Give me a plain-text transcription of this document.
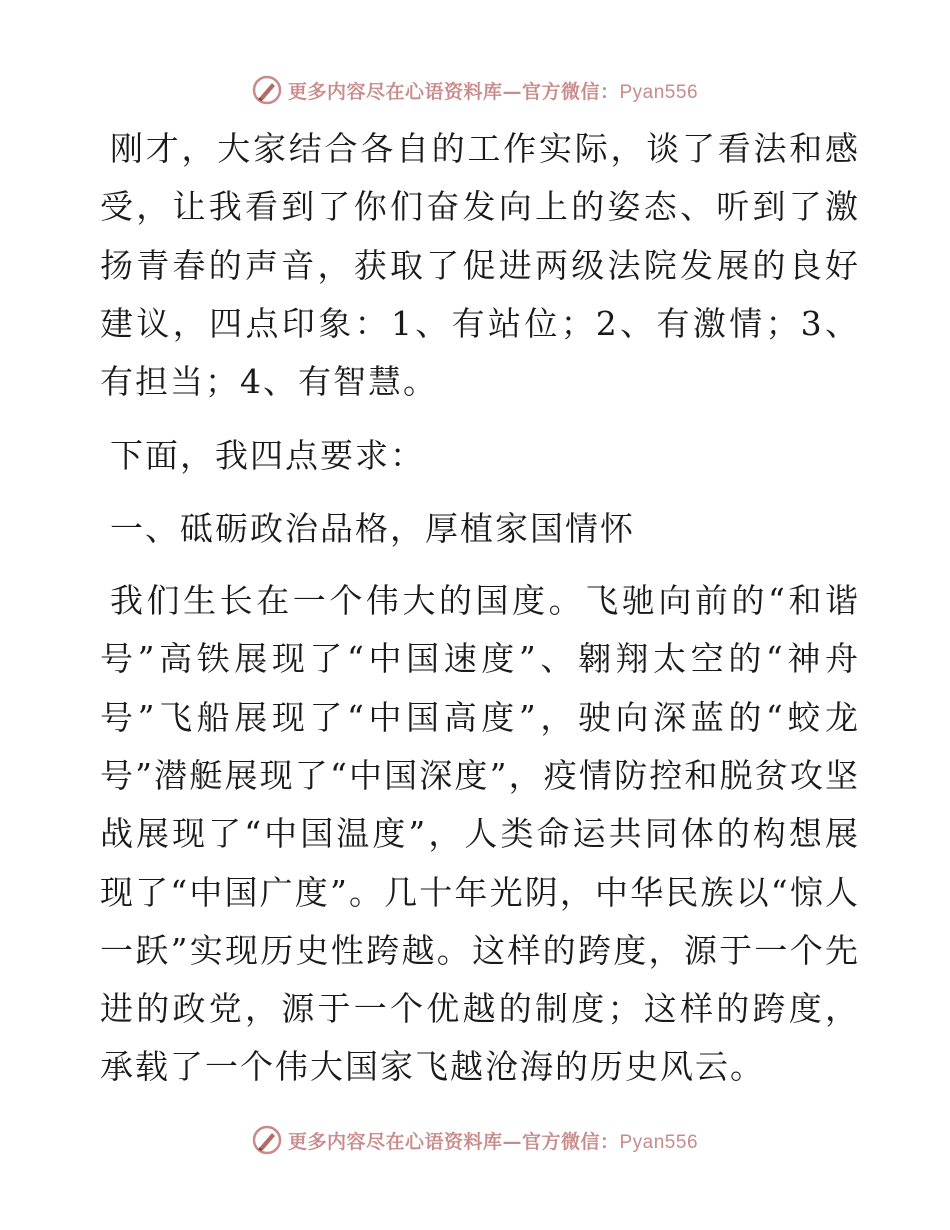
更多内容尽在心语资料库—官方微信：Pyan556

刚才，大家结合各自的工作实际，谈了看法和感受，让我看到了你们奋发向上的姿态、听到了激扬青春的声音，获取了促进两级法院发展的良好建议，四点印象：1、有站位；2、有激情；3、有担当；4、有智慧。

下面，我四点要求：

一、砥砺政治品格，厚植家国情怀

我们生长在一个伟大的国度。飞驰向前的“和谐号”高铁展现了“中国速度”、翱翔太空的“神舟号”飞船展现了“中国高度”，驶向深蓝的“蛟龙号”潜艇展现了“中国深度”，疫情防控和脱贫攻坚战展现了“中国温度”，人类命运共同体的构想展现了“中国广度”。几十年光阴，中华民族以“惊人一跃”实现历史性跨越。这样的跨度，源于一个先进的政党，源于一个优越的制度；这样的跨度，承载了一个伟大国家飞越沧海的历史风云。

更多内容尽在心语资料库—官方微信：Pyan556
